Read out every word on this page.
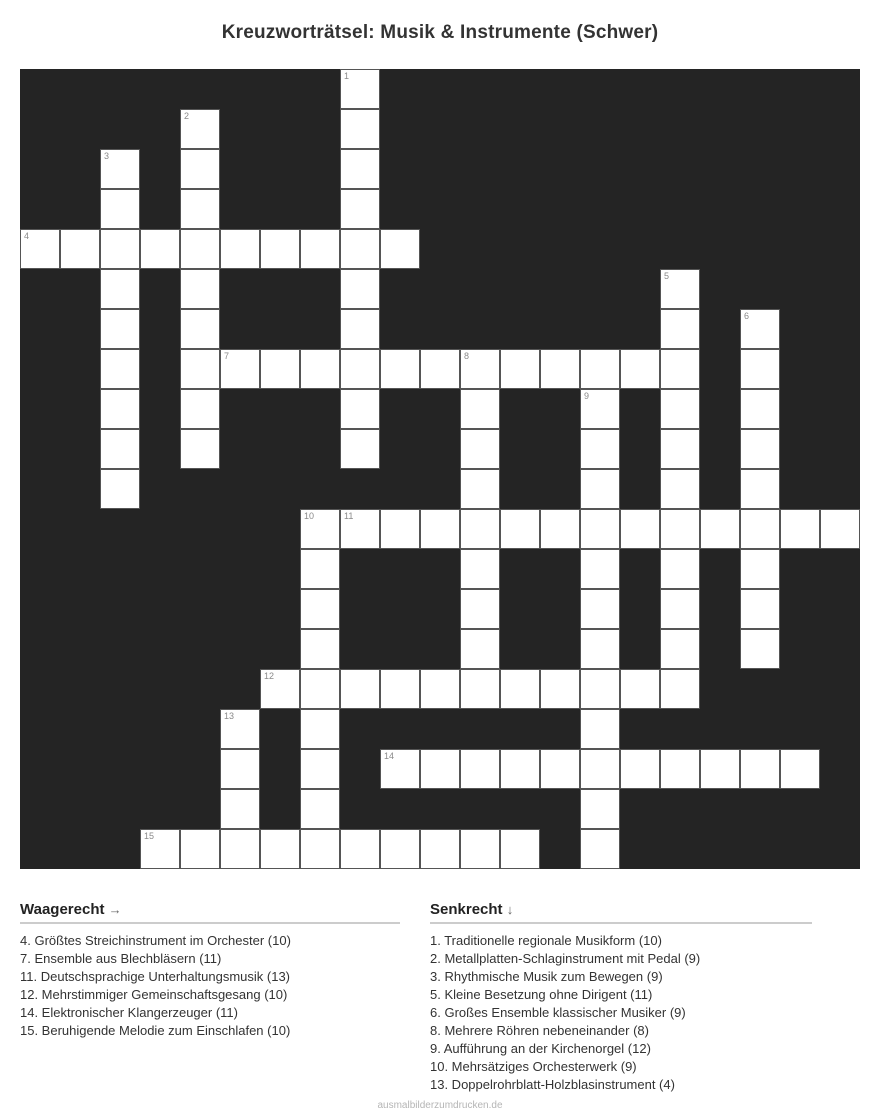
Kreuzworträtsel: Musik & Instrumente (Schwer)
1
2
3
4
5
6
7	8
9
10	11
12
13
14
15
Waagerecht →
4. Größtes Streichinstrument im Orchester (10)
7. Ensemble aus Blechbläsern (11)
11. Deutschsprachige Unterhaltungsmusik (13)
12. Mehrstimmiger Gemeinschaftsgesang (10)
14. Elektronischer Klangerzeuger (11)
15. Beruhigende Melodie zum Einschlafen (10)
Senkrecht ↓
1. Traditionelle regionale Musikform (10)
2. Metallplatten-Schlaginstrument mit Pedal (9)
3. Rhythmische Musik zum Bewegen (9)
5. Kleine Besetzung ohne Dirigent (11)
6. Großes Ensemble klassischer Musiker (9)
8. Mehrere Röhren nebeneinander (8)
9. Aufführung an der Kirchenorgel (12)
10. Mehrsätziges Orchesterwerk (9)
13. Doppelrohrblatt-Holzblasinstrument (4)
ausmalbilderzumdrucken.de
